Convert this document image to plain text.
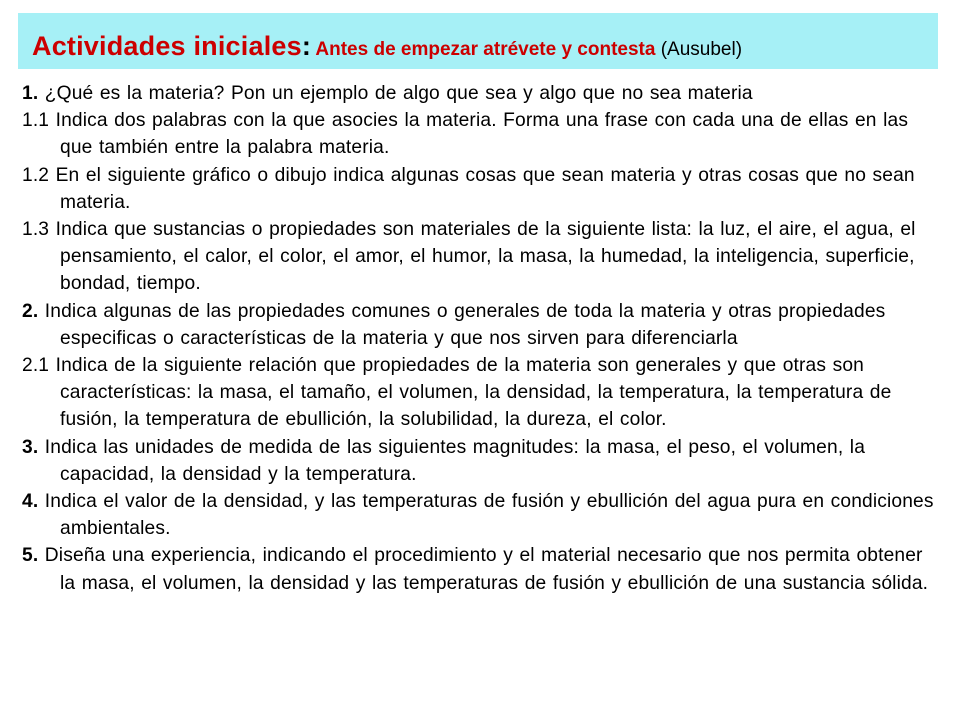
Actividades iniciales: Antes de empezar atrévete y contesta (Ausubel)
1. ¿Qué es la materia? Pon un ejemplo de algo que sea y algo que no sea materia
1.1 Indica dos palabras con la que asocies la materia. Forma una frase con cada una de ellas en las que también entre la palabra materia.
1.2 En el siguiente gráfico o dibujo indica algunas cosas que sean materia y otras cosas que no sean materia.
1.3 Indica que sustancias o propiedades son materiales de la siguiente lista: la luz, el aire, el agua, el pensamiento, el calor, el color, el amor, el humor, la masa, la humedad, la inteligencia, superficie, bondad, tiempo.
2. Indica algunas de las propiedades comunes o generales de toda la materia y otras propiedades especificas o características de la materia y que nos sirven para diferenciarla
2.1 Indica de la siguiente relación que propiedades de la materia son generales y que otras son características: la masa, el tamaño, el volumen, la densidad, la temperatura, la temperatura de fusión, la temperatura de ebullición, la solubilidad, la dureza, el color.
3. Indica las unidades de medida de las siguientes magnitudes: la masa, el peso, el volumen, la capacidad, la densidad y la temperatura.
4. Indica el valor de la densidad, y las temperaturas de fusión y ebullición del agua pura en condiciones ambientales.
5. Diseña una experiencia, indicando el procedimiento y el material necesario que nos permita obtener la masa, el volumen, la densidad y las temperaturas de fusión y ebullición de una sustancia sólida.
